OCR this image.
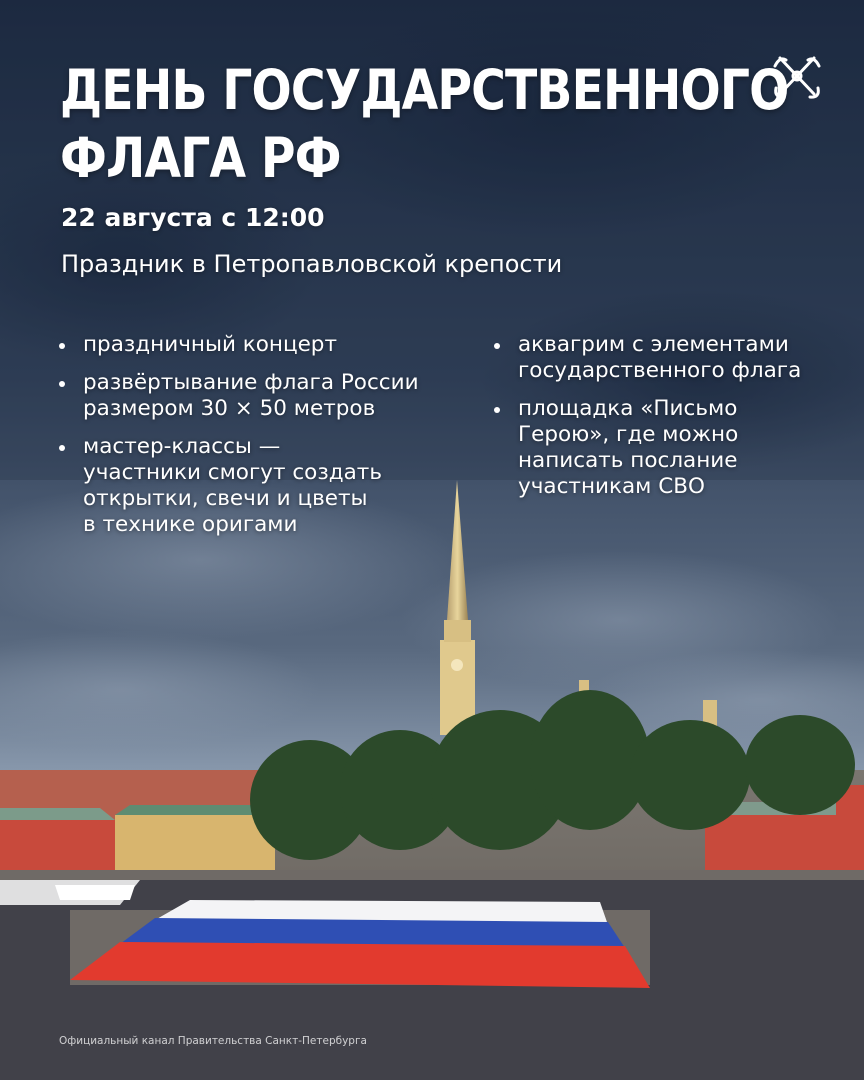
ДЕНЬ ГОСУДАРСТВЕННОГО
ФЛАГА РФ
22 августа с 12:00
Праздник в Петропавловской крепости
праздничный концерт
развёртывание флага России
размером 30 × 50 метров
мастер-классы —
участники смогут создать
открытки, свечи и цветы
в технике оригами
аквагрим с элементами
государственного флага
площадка «Письмо
Герою», где можно
написать послание
участникам СВО
Официальный канал Правительства Санкт-Петербурга
